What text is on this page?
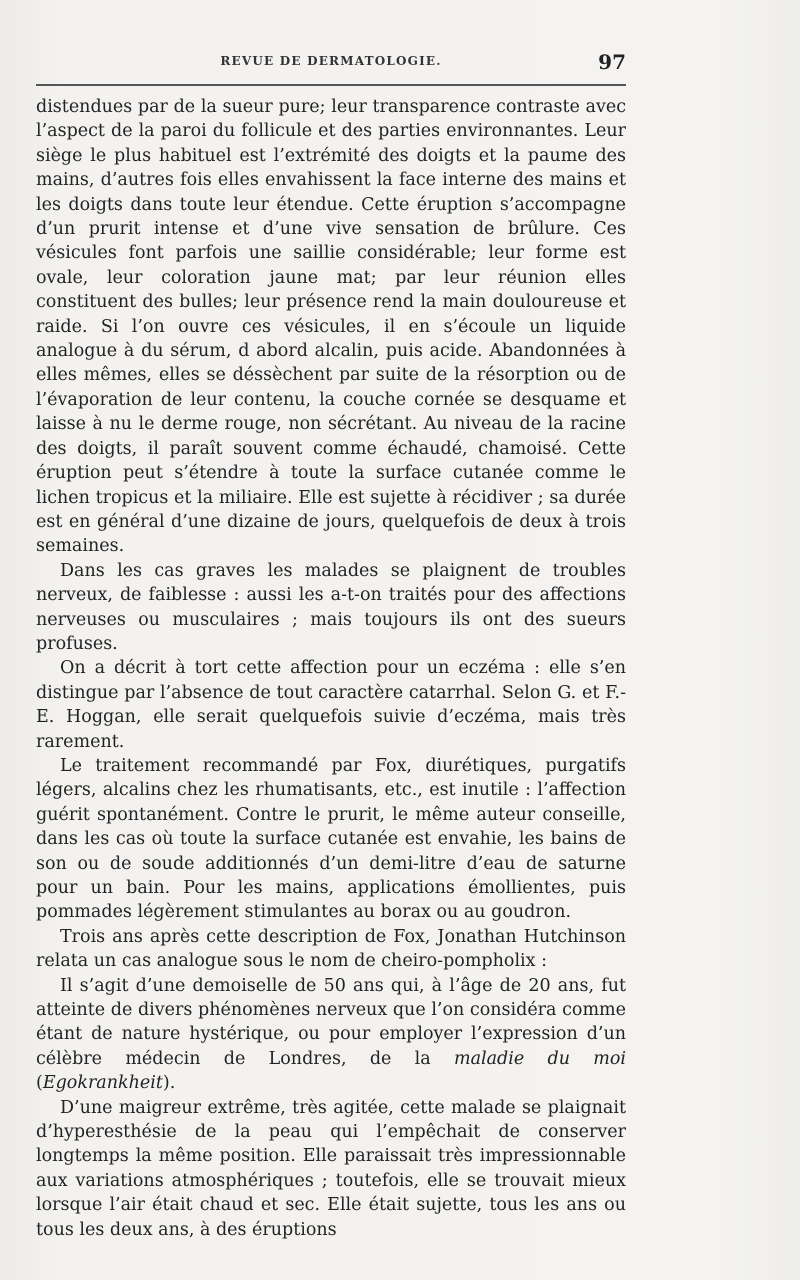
REVUE DE DERMATOLOGIE.	97

distendues par de la sueur pure; leur transparence contraste avec l’aspect de la paroi du follicule et des parties environnantes. Leur siège le plus habituel est l’extrémité des doigts et la paume des mains, d’autres fois elles envahissent la face interne des mains et les doigts dans toute leur étendue. Cette éruption s’accompagne d’un prurit intense et d’une vive sensation de brûlure. Ces vésicules font parfois une saillie considérable; leur forme est ovale, leur coloration jaune mat; par leur réunion elles constituent des bulles; leur présence rend la main douloureuse et raide. Si l’on ouvre ces vésicules, il en s’écoule un liquide analogue à du sérum, d abord alcalin, puis acide. Abandonnées à elles mêmes, elles se déssèchent par suite de la résorption ou de l’évaporation de leur contenu, la couche cornée se desquame et laisse à nu le derme rouge, non sécrétant. Au niveau de la racine des doigts, il paraît souvent comme échaudé, chamoisé. Cette éruption peut s’étendre à toute la surface cutanée comme le lichen tropicus et la miliaire. Elle est sujette à récidiver ; sa durée est en général d’une dizaine de jours, quelquefois de deux à trois semaines.

Dans les cas graves les malades se plaignent de troubles nerveux, de faiblesse : aussi les a-t-on traités pour des affections nerveuses ou musculaires ; mais toujours ils ont des sueurs profuses.

On a décrit à tort cette affection pour un eczéma : elle s’en distingue par l’absence de tout caractère catarrhal. Selon G. et F.-E. Hoggan, elle serait quelquefois suivie d’eczéma, mais très rarement.

Le traitement recommandé par Fox, diurétiques, purgatifs légers, alcalins chez les rhumatisants, etc., est inutile : l’affection guérit spontanément. Contre le prurit, le même auteur conseille, dans les cas où toute la surface cutanée est envahie, les bains de son ou de soude additionnés d’un demi-litre d’eau de saturne pour un bain. Pour les mains, applications émollientes, puis pommades légèrement stimulantes au borax ou au goudron.

Trois ans après cette description de Fox, Jonathan Hutchinson relata un cas analogue sous le nom de cheiro-pompholix :

Il s’agit d’une demoiselle de 50 ans qui, à l’âge de 20 ans, fut atteinte de divers phénomènes nerveux que l’on considéra comme étant de nature hystérique, ou pour employer l’expression d’un célèbre médecin de Londres, de la maladie du moi (Egokrankheit).

D’une maigreur extrême, très agitée, cette malade se plaignait d’hyperesthésie de la peau qui l’empêchait de conserver longtemps la même position. Elle paraissait très impressionnable aux variations atmosphériques ; toutefois, elle se trouvait mieux lorsque l’air était chaud et sec. Elle était sujette, tous les ans ou tous les deux ans, à des éruptions
